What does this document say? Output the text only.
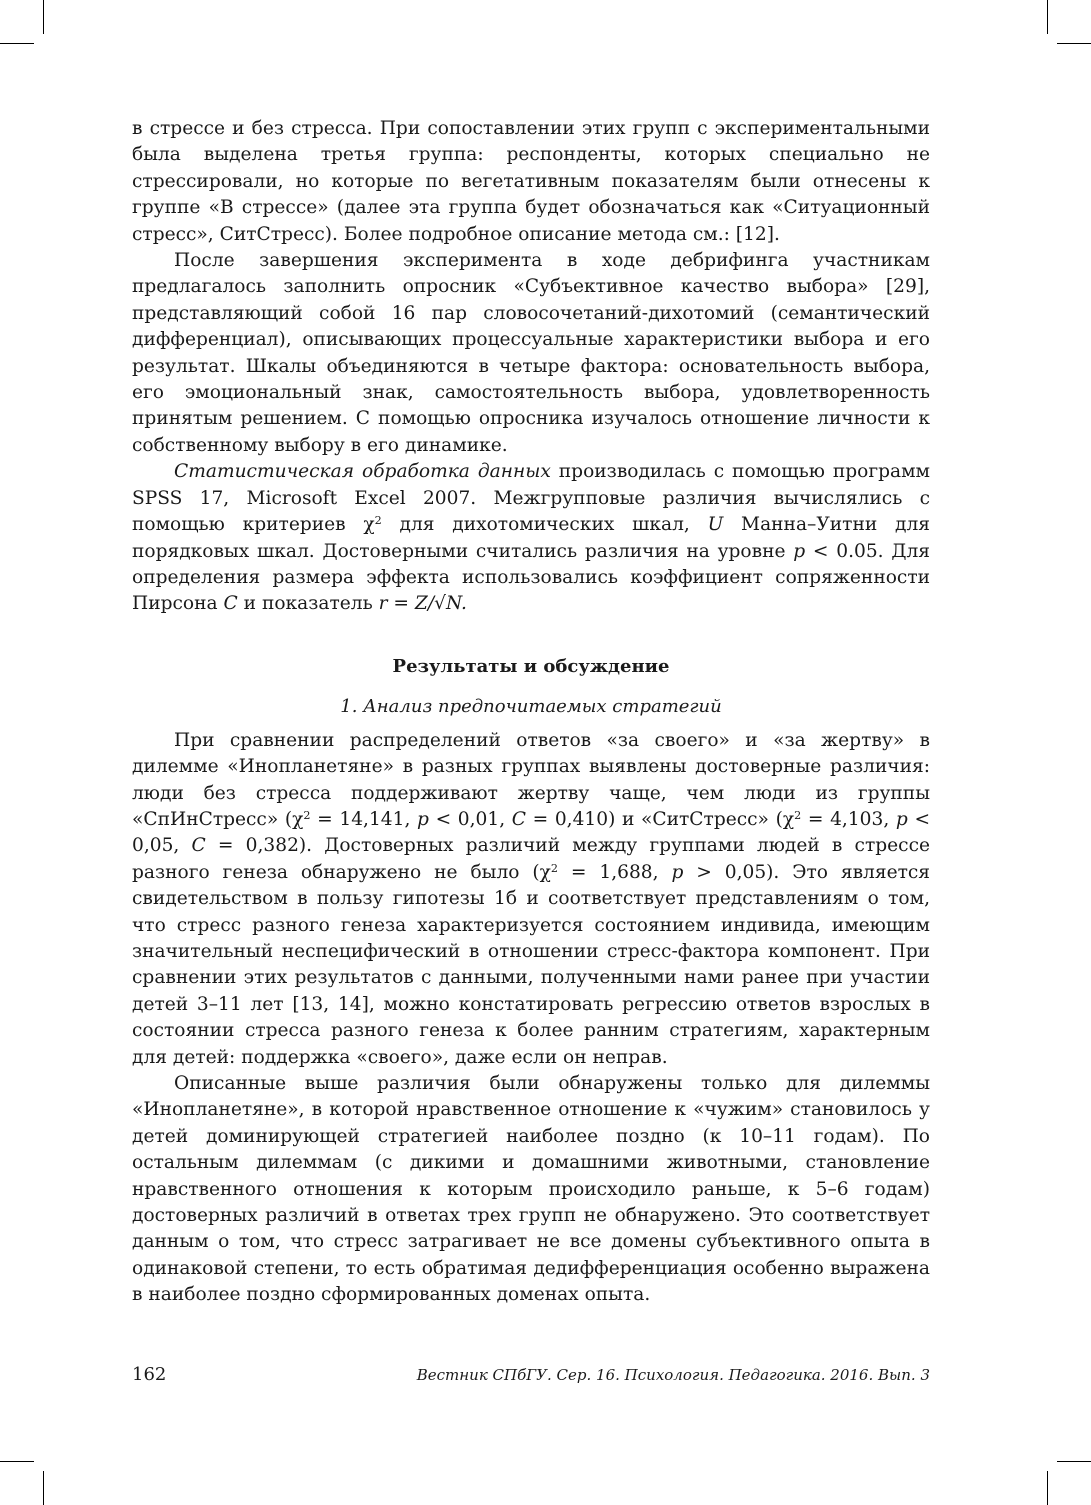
в стрессе и без стресса. При сопоставлении этих групп с экспериментальными была выделена третья группа: респонденты, которых специально не стрессировали, но которые по вегетативным показателям были отнесены к группе «В стрессе» (далее эта группа будет обозначаться как «Ситуационный стресс», СитСтресс). Более подробное описание метода см.: [12].

После завершения эксперимента в ходе дебрифинга участникам предлагалось заполнить опросник «Субъективное качество выбора» [29], представляющий собой 16 пар словосочетаний-дихотомий (семантический дифференциал), описывающих процессуальные характеристики выбора и его результат. Шкалы объединяются в четыре фактора: основательность выбора, его эмоциональный знак, самостоятельность выбора, удовлетворенность принятым решением. С помощью опросника изучалось отношение личности к собственному выбору в его динамике.

Статистическая обработка данных производилась с помощью программ SPSS 17, Microsoft Excel 2007. Межгрупповые различия вычислялись с помощью критериев $\chi^2$ для дихотомических шкал, U Манна–Уитни для порядковых шкал. Достоверными считались различия на уровне p < 0.05. Для определения размера эффекта использовались коэффициент сопряженности Пирсона C и показатель r = Z/√N.

Результаты и обсуждение
1. Анализ предпочитаемых стратегий

При сравнении распределений ответов «за своего» и «за жертву» в дилемме «Инопланетяне» в разных группах выявлены достоверные различия: люди без стресса поддерживают жертву чаще, чем люди из группы «СпИнСтресс» ($\chi^2 = 14,141$, p < 0,01, C = 0,410) и «СитСтресс» ($\chi^2 = 4,103$, p < 0,05, C = 0,382). Достоверных различий между группами людей в стрессе разного генеза обнаружено не было ($\chi^2 = 1,688$, p > 0,05). Это является свидетельством в пользу гипотезы 1б и соответствует представлениям о том, что стресс разного генеза характеризуется состоянием индивида, имеющим значительный неспецифический в отношении стресс-фактора компонент. При сравнении этих результатов с данными, полученными нами ранее при участии детей 3–11 лет [13, 14], можно констатировать регрессию ответов взрослых в состоянии стресса разного генеза к более ранним стратегиям, характерным для детей: поддержка «своего», даже если он неправ.

Описанные выше различия были обнаружены только для дилеммы «Инопланетяне», в которой нравственное отношение к «чужим» становилось у детей доминирующей стратегией наиболее поздно (к 10–11 годам). По остальным дилеммам (с дикими и домашними животными, становление нравственного отношения к которым происходило раньше, к 5–6 годам) достоверных различий в ответах трех групп не обнаружено. Это соответствует данным о том, что стресс затрагивает не все домены субъективного опыта в одинаковой степени, то есть обратимая дедифференциация особенно выражена в наиболее поздно сформированных доменах опыта.

162	Вестник СПбГУ. Сер. 16. Психология. Педагогика. 2016. Вып. 3
